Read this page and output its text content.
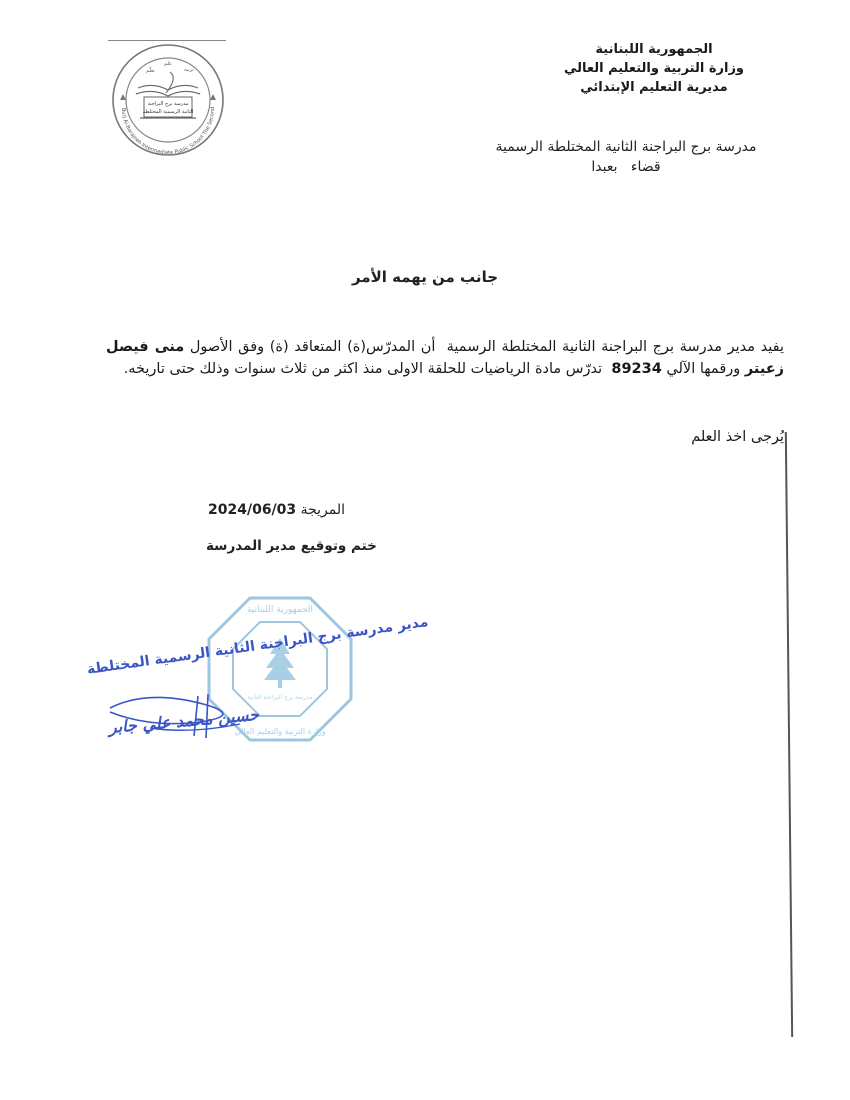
تعلّم
علم
تربية
مدرسة برج البراجنة
الثانية الرسمية المختلطة
Burj Al-Barajneh Intermediate Public School The Second
الجمهورية اللبنانية
وزارة التربية والتعليم العالي
مديرية التعليم الإبتدائي
مدرسة برج البراجنة الثانية المختلطة الرسمية
قضاء   بعبدا
جانب من يهمه الأمر
يفيد مدير مدرسة برج البراجنة الثانية المختلطة الرسمية  أن المدرّس(ة) المتعاقد (ة) وفق الأصول منى فيصل زعيتر ورقمها الآلي 89234  تدرّس مادة الرياضيات للحلقة الاولى منذ اكثر من ثلاث سنوات وذلك حتى تاريخه.
يُرجى اخذ العلم
المريجة 2024/06/03
ختم وتوقيع مدير المدرسة
الجمهورية اللبنانية
وزارة التربية والتعليم العالي
مدرسة برج البراجنة الثانية
مدير مدرسة برج البراجنة الثانية الرسمية المختلطة
حسين محمد علي جابر
